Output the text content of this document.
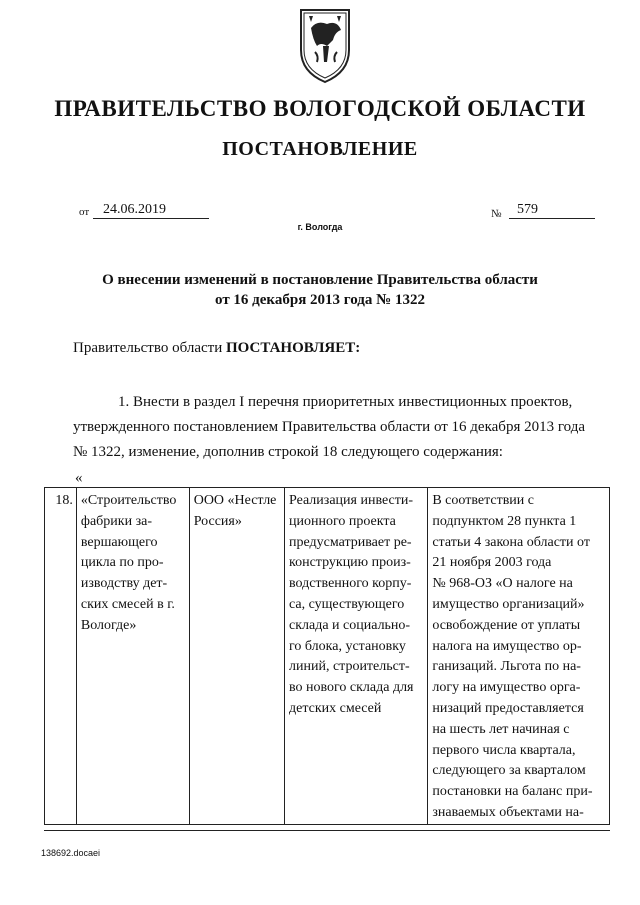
ПРАВИТЕЛЬСТВО ВОЛОГОДСКОЙ ОБЛАСТИ
ПОСТАНОВЛЕНИЕ
от 24.06.2019	№	579
г. Вологда
О внесении изменений в постановление Правительства области
от 16 декабря 2013 года № 1322
Правительство области ПОСТАНОВЛЯЕТ:
1. Внести в раздел I перечня приоритетных инвестиционных проектов,
утвержденного постановлением Правительства области от 16 декабря 2013 года
№ 1322, изменение, дополнив строкой 18 следующего содержания:
«
18.	«Строительство
фабрики за-
вершающего
цикла по про-
изводству дет-
ских смесей в г.
Вологде»

ООО «Нестле
Россия»

Реализация инвести-
ционного проекта
предусматривает ре-
конструкцию произ-
водственного корпу-
са, существующего
склада и социально-
го блока, установку
линий, строительст-
во нового склада для
детских смесей

В соответствии с
подпунктом 28 пункта 1
статьи 4 закона области от
21 ноября 2003 года
№ 968-ОЗ «О налоге на
имущество организаций»
освобождение от уплаты
налога на имущество ор-
ганизаций. Льгота по на-
логу на имущество орга-
низаций предоставляется
на шесть лет начиная с
первого числа квартала,
следующего за кварталом
постановки на баланс при-
знаваемых объектами на-
138692.docaei
